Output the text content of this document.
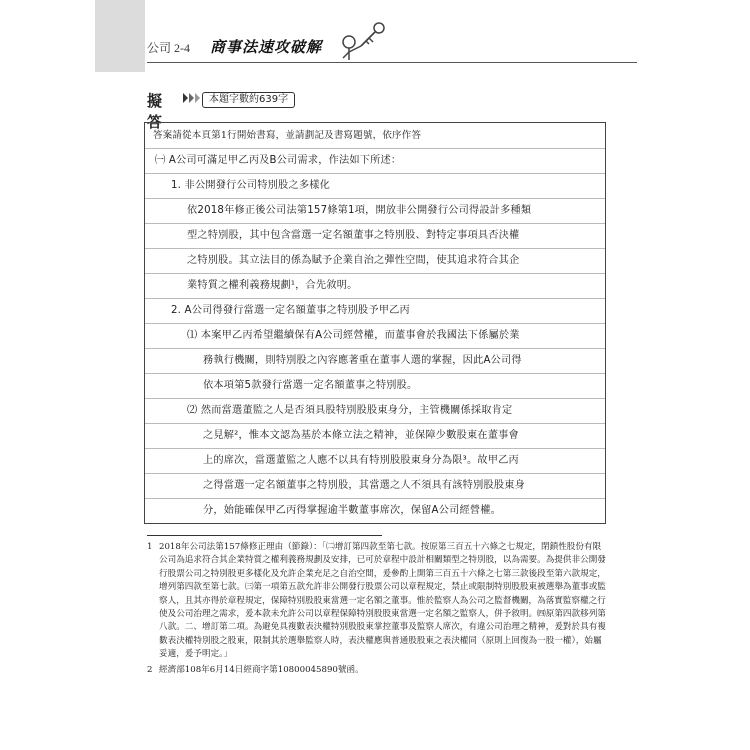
公司 2-4 商事法速攻破解
擬答
本題字數約639字
答案請從本頁第1行開始書寫，並請劃記及書寫題號，依序作答
㈠ A公司可滿足甲乙丙及B公司需求，作法如下所述：
1. 非公開發行公司特別股之多樣化
依2018年修正後公司法第157條第1項，開放非公開發行公司得設計多種類
型之特別股，其中包含當選一定名額董事之特別股、對特定事項具否決權
之特別股。其立法目的係為賦予企業自治之彈性空間，使其追求符合其企
業特質之權利義務規劃¹，合先敘明。
2. A公司得發行當選一定名額董事之特別股予甲乙丙
⑴ 本案甲乙丙希望繼續保有A公司經營權，而董事會於我國法下係屬於業
務執行機關，則特別股之內容應著重在董事人選的掌握，因此A公司得
依本項第5款發行當選一定名額董事之特別股。
⑵ 然而當選董監之人是否須具股特別股股東身分，主管機關係採取肯定
之見解²，惟本文認為基於本條立法之精神，並保障少數股東在董事會
上的席次，當選董監之人應不以具有特別股股東身分為限³。故甲乙丙
之得當選一定名額董事之特別股，其當選之人不須具有該特別股股東身
分，始能確保甲乙丙得掌握逾半數董事席次，保留A公司經營權。
1 2018年公司法第157條修正理由（節錄）：「㈡增訂第四款至第七款。按原第三百五十六條之七規定，閉鎖性股份有限公司為追求符合其企業特質之權利義務規劃及安排，已可於章程中設計相關類型之特別股，以為需要。為提供非公開發行股票公司之特別股更多樣化及允許企業充足之自治空間，爰參酌上開第三百五十六條之七第三款後段至第六款規定，增列第四款至第七款。㈢第一項第五款允許非公開發行股票公司以章程規定，禁止或限制特別股股東被選舉為董事或監察人，且其亦得於章程規定，保障特別股股東當選一定名額之董事。惟於監察人為公司之監督機關，為落實監察權之行使及公司治理之需求，爰本款未允許公司以章程保障特別股股東當選一定名額之監察人，併予敘明。㈣原第四款移列第八款。二、增訂第二項。為避免具複數表決權特別股股東掌控董事及監察人席次，有違公司治理之精神，爰對於具有複數表決權特別股之股東，限制其於選舉監察人時，表決權應與普通股股東之表決權同（原則上回復為一股一權），始屬妥適，爰予明定。」
2 經濟部108年6月14日經商字第10800045890號函。
